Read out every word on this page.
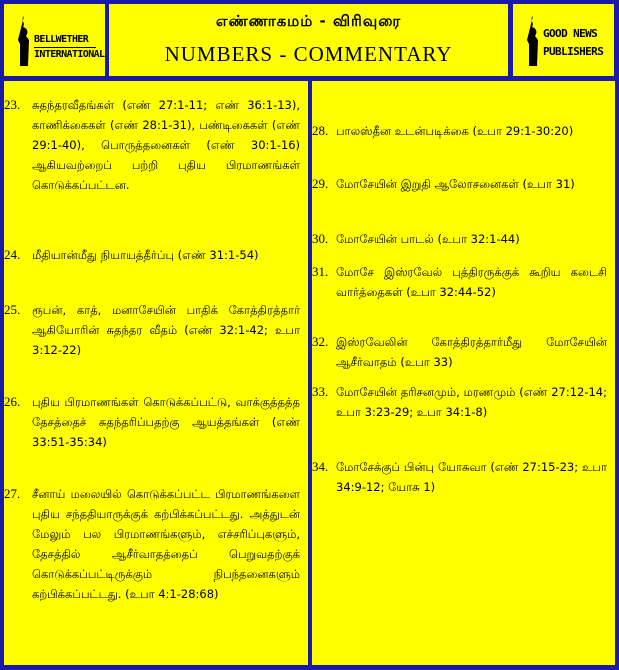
BELLWETHER
INTERNATIONAL
எண்ணாகமம் - விரிவுரை
NUMBERS - COMMENTARY
GOOD NEWS
PUBLISHERS
23.	சுதந்தரவீதங்கள் (எண் 27:1-11; எண் 36:1-13), காணிக்கைகள் (எண் 28:1-31), பண்டிகைகள் (எண் 29:1-40), பொருத்தனைகள் (எண் 30:1-16) ஆகியவற்றைப் பற்றி புதிய பிரமாணங்கள் கொடுக்கப்பட்டன.
24.	மீதியான்மீது நியாயத்தீர்ப்பு (எண் 31:1-54)
25.	ரூபன், காத், மனாசேயின் பாதிக் கோத்திரத்தார் ஆகியோரின் சுதந்தர வீதம் (எண் 32:1-42; உபா 3:12-22)
26.	புதிய பிரமாணங்கள் கொடுக்கப்பட்டு, வாக்குத்தத்த தேசத்தைச் சுதந்தரிப்பதற்கு ஆயத்தங்கள் (எண் 33:51-35:34)
27.	சீனாய் மலையில் கொடுக்கப்பட்ட பிரமாணங்களை புதிய சந்ததியாருக்குக் கற்பிக்கப்பட்டது. அத்துடன் மேலும் பல பிரமாணங்களும், எச்சரிப்புகளும், தேசத்தில் ஆசீர்வாதத்தைப் பெறுவதற்குக் கொடுக்கப்பட்டிருக்கும் நிபந்தனைகளும் கற்பிக்கப்பட்டது. (உபா 4:1-28:68)
28. பாலஸ்தீன உடன்படிக்கை (உபா 29:1-30:20)
29. மோசேயின் இறுதி ஆலோசனைகள் (உபா 31)
30. மோசேயின் பாடல் (உபா 32:1-44)
31. மோசே இஸ்ரவேல் புத்திரருக்குக் கூறிய கடைசி வார்த்தைகள் (உபா 32:44-52)
32. இஸ்ரவேலின் கோத்திரத்தார்மீது மோசேயின் ஆசீர்வாதம் (உபா 33)
33. மோசேயின் தரிசனமும், மரணமும் (எண் 27:12-14; உபா 3:23-29; உபா 34:1-8)
34. மோசேக்குப் பின்பு யோசுவா (எண் 27:15-23; உபா 34:9-12; யோசு 1)
